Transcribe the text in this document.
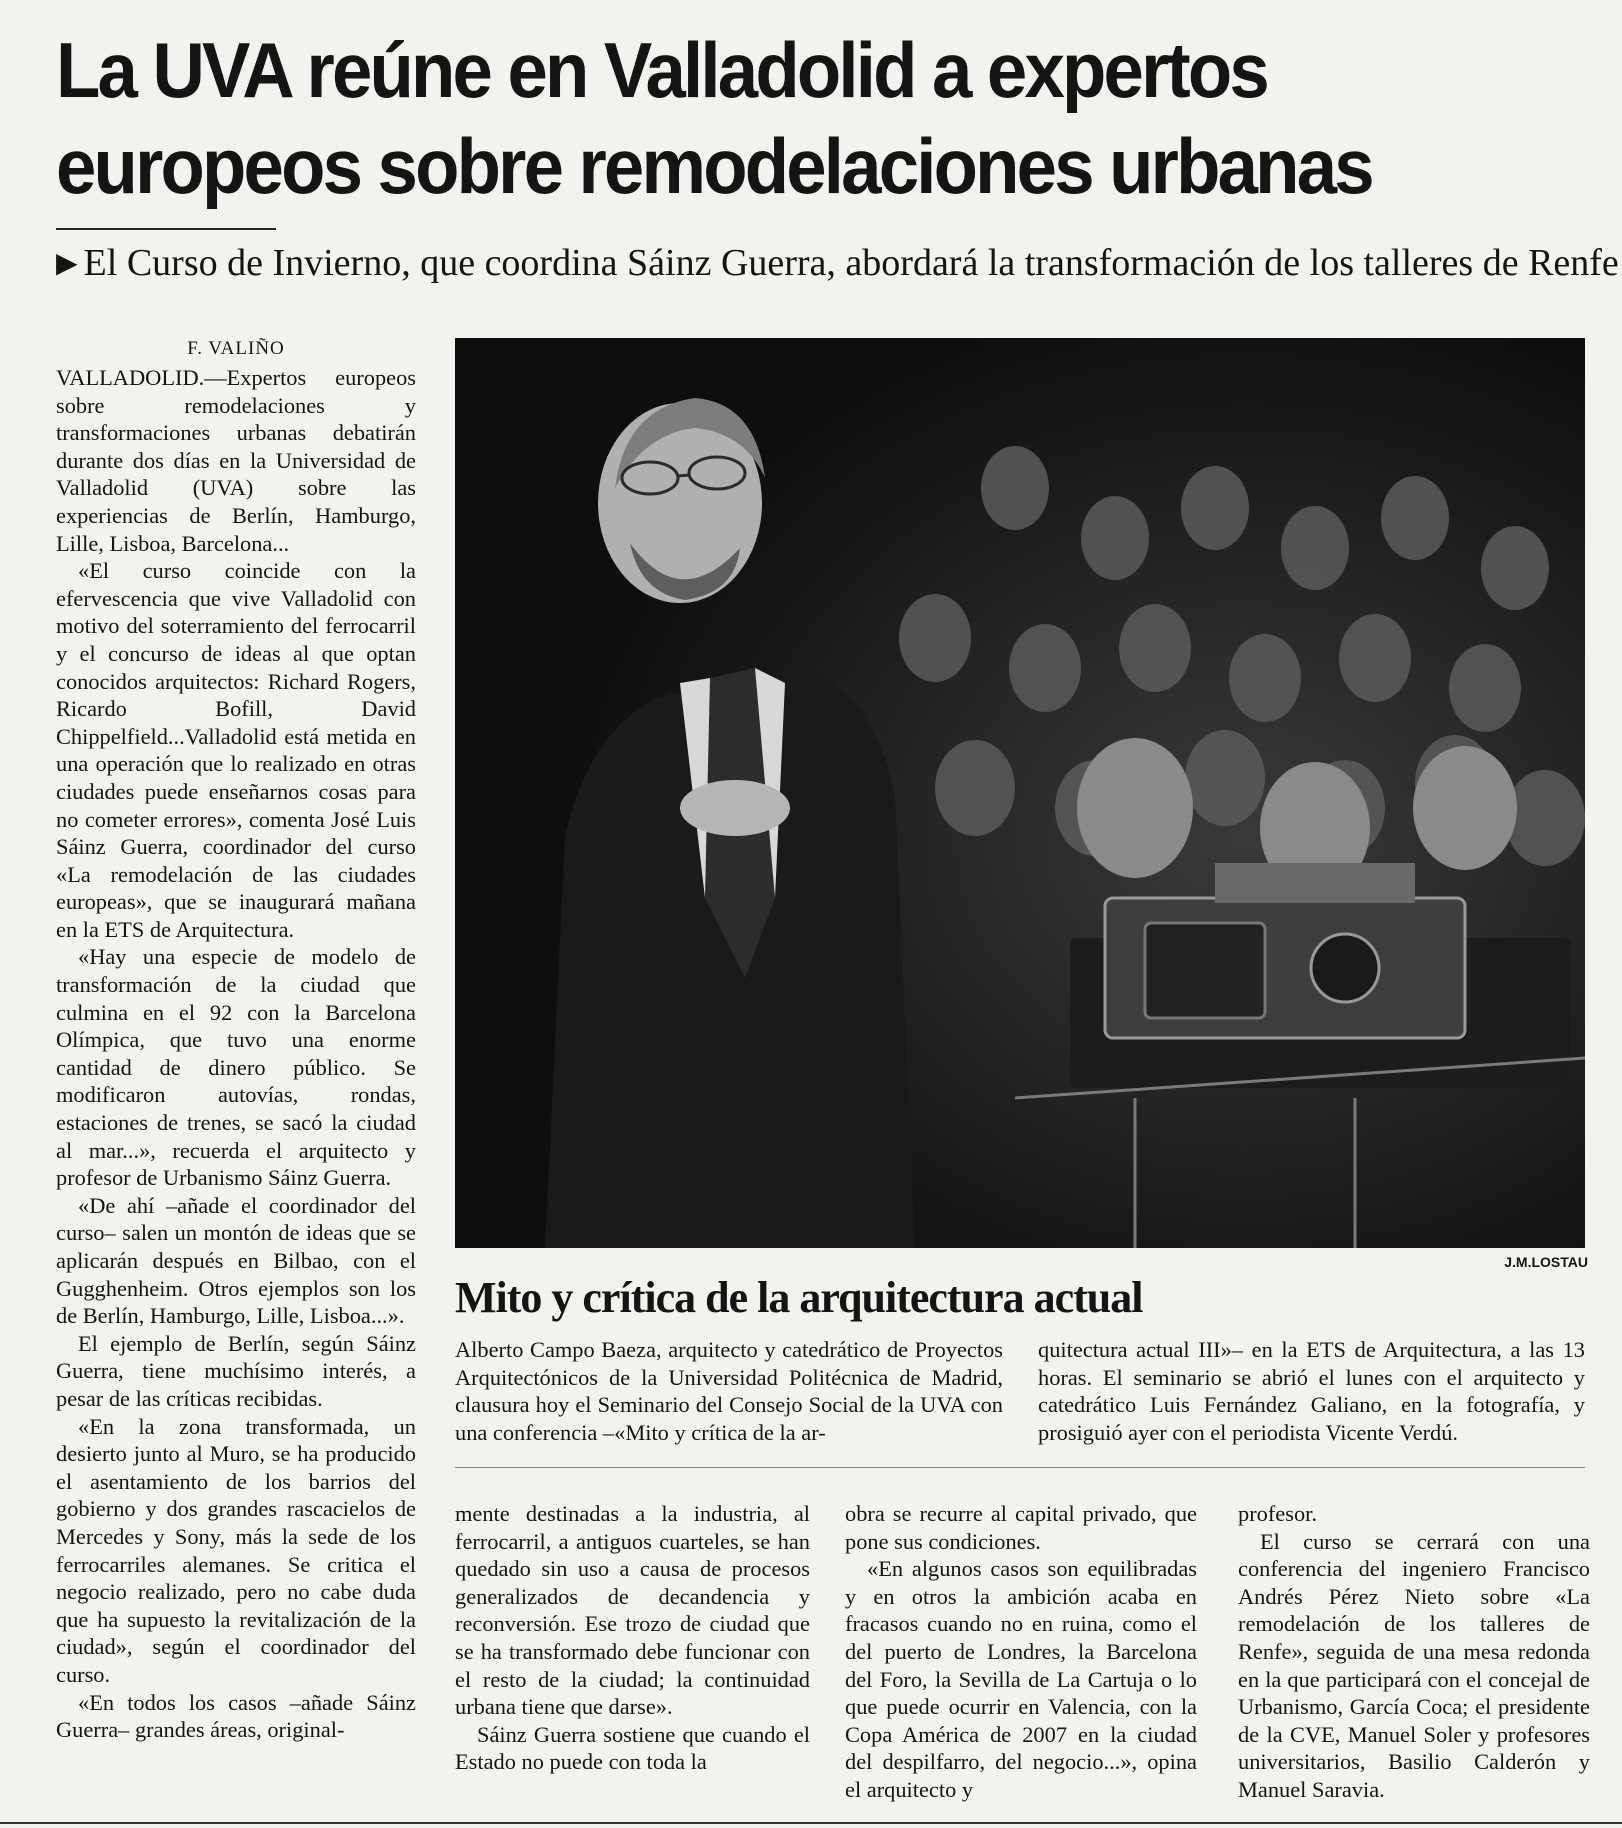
La UVA reúne en Valladolid a expertos europeos sobre remodelaciones urbanas
▶ El Curso de Invierno, que coordina Sáinz Guerra, abordará la transformación de los talleres de Renfe
F. VALIÑO

VALLADOLID.—Expertos europeos sobre remodelaciones y transformaciones urbanas debatirán durante dos días en la Universidad de Valladolid (UVA) sobre las experiencias de Berlín, Hamburgo, Lille, Lisboa, Barcelona...

«El curso coincide con la efervescencia que vive Valladolid con motivo del soterramiento del ferrocarril y el concurso de ideas al que optan conocidos arquitectos: Richard Rogers, Ricardo Bofill, David Chippelfield...Valladolid está metida en una operación que lo realizado en otras ciudades puede enseñarnos cosas para no cometer errores», comenta José Luis Sáinz Guerra, coordinador del curso «La remodelación de las ciudades europeas», que se inaugurará mañana en la ETS de Arquitectura.

«Hay una especie de modelo de transformación de la ciudad que culmina en el 92 con la Barcelona Olímpica, que tuvo una enorme cantidad de dinero público. Se modificaron autovías, rondas, estaciones de trenes, se sacó la ciudad al mar...», recuerda el arquitecto y profesor de Urbanismo Sáinz Guerra.

«De ahí –añade el coordinador del curso– salen un montón de ideas que se aplicarán después en Bilbao, con el Gugghenheim. Otros ejemplos son los de Berlín, Hamburgo, Lille, Lisboa...».

El ejemplo de Berlín, según Sáinz Guerra, tiene muchísimo interés, a pesar de las críticas recibidas.

«En la zona transformada, un desierto junto al Muro, se ha producido el asentamiento de los barrios del gobierno y dos grandes rascacielos de Mercedes y Sony, más la sede de los ferrocarriles alemanes. Se critica el negocio realizado, pero no cabe duda que ha supuesto la revitalización de la ciudad», según el coordinador del curso.

«En todos los casos –añade Sáinz Guerra– grandes áreas, original-

J.M.LOSTAU
Mito y crítica de la arquitectura actual
Alberto Campo Baeza, arquitecto y catedrático de Proyectos Arquitectónicos de la Universidad Politécnica de Madrid, clausura hoy el Seminario del Consejo Social de la UVA con una conferencia –«Mito y crítica de la ar-
quitectura actual III»– en la ETS de Arquitectura, a las 13 horas. El seminario se abrió el lunes con el arquitecto y catedrático Luis Fernández Galiano, en la fotografía, y prosiguió ayer con el periodista Vicente Verdú.

mente destinadas a la industria, al ferrocarril, a antiguos cuarteles, se han quedado sin uso a causa de procesos generalizados de decandencia y reconversión. Ese trozo de ciudad que se ha transformado debe funcionar con el resto de la ciudad; la continuidad urbana tiene que darse».

Sáinz Guerra sostiene que cuando el Estado no puede con toda la

obra se recurre al capital privado, que pone sus condiciones.

«En algunos casos son equilibradas y en otros la ambición acaba en fracasos cuando no en ruina, como el del puerto de Londres, la Barcelona del Foro, la Sevilla de La Cartuja o lo que puede ocurrir en Valencia, con la Copa América de 2007 en la ciudad del despilfarro, del negocio...», opina el arquitecto y

profesor.

El curso se cerrará con una conferencia del ingeniero Francisco Andrés Pérez Nieto sobre «La remodelación de los talleres de Renfe», seguida de una mesa redonda en la que participará con el concejal de Urbanismo, García Coca; el presidente de la CVE, Manuel Soler y profesores universitarios, Basilio Calderón y Manuel Saravia.
